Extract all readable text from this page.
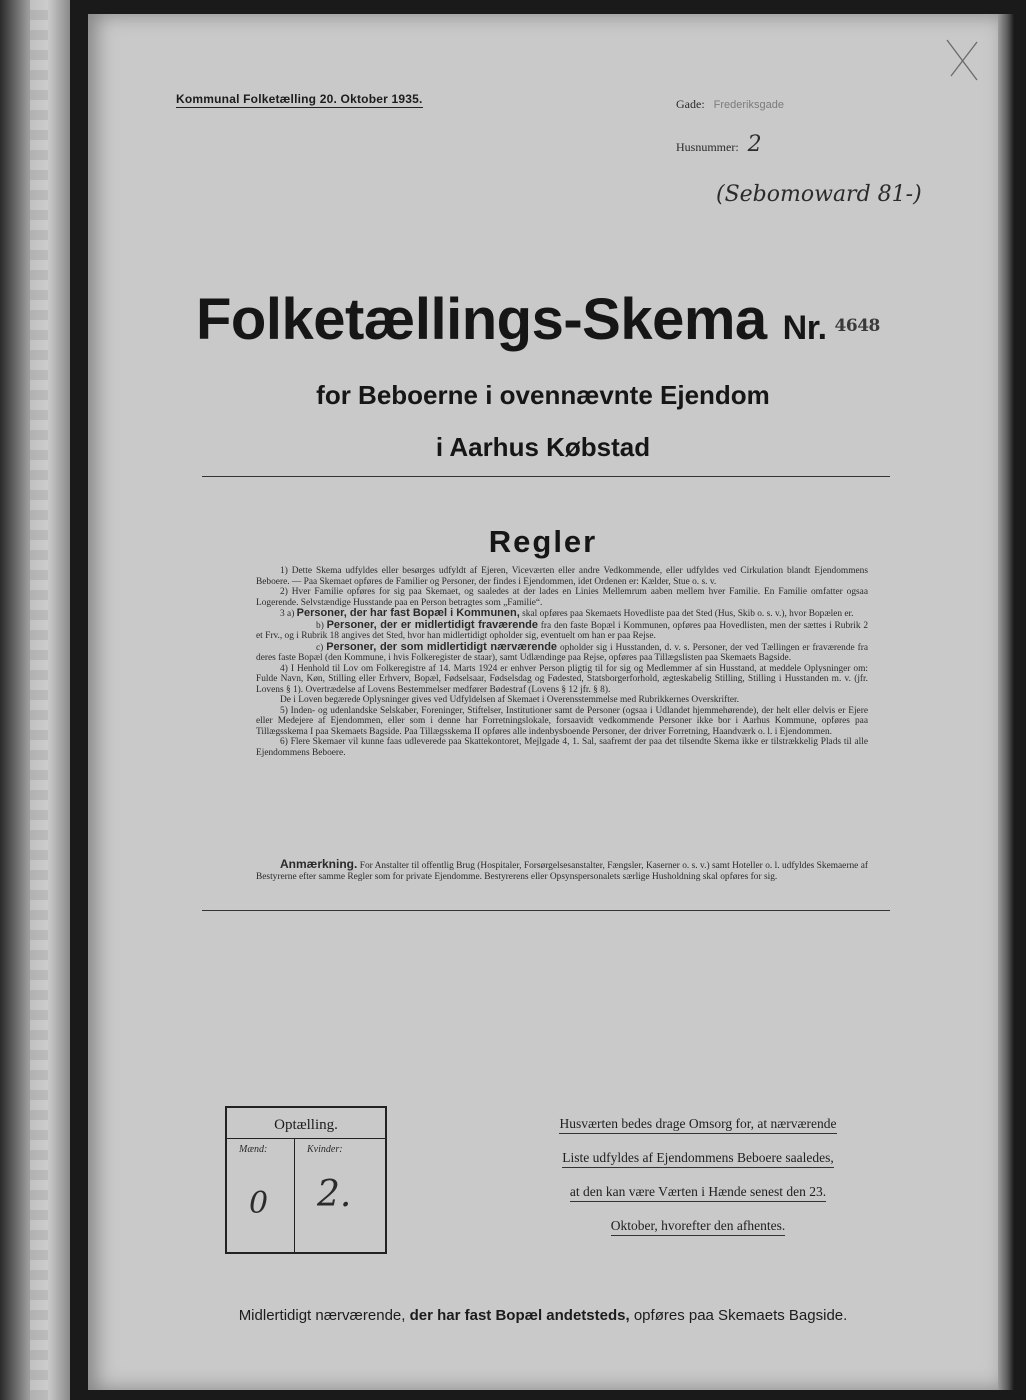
Kommunal Folketælling 20. Oktober 1935.	Gade: Frederiksgade
Husnummer: 2
(Sebomoward 81-)
Folketællings-Skema Nr. 4648
for Beboerne i ovennævnte Ejendom
i Aarhus Købstad
Regler

1) Dette Skema udfyldes eller besørges udfyldt af Ejeren, Viceværten eller andre Vedkommende, eller udfyldes ved Cirkulation blandt Ejendommens Beboere. — Paa Skemaet opføres de Familier og Personer, der findes i Ejendommen, idet Ordenen er: Kælder, Stue o. s. v.

2) Hver Familie opføres for sig paa Skemaet, og saaledes at der lades en Linies Mellemrum aaben mellem hver Familie. En Familie omfatter ogsaa Logerende. Selvstændige Husstande paa en Person betragtes som „Familie“.

3 a) Personer, der har fast Bopæl i Kommunen, skal opføres paa Skemaets Hovedliste paa det Sted (Hus, Skib o. s. v.), hvor Bopælen er.

b) Personer, der er midlertidigt fraværende fra den faste Bopæl i Kommunen, opføres paa Hovedlisten, men der sættes i Rubrik 2 et Frv., og i Rubrik 18 angives det Sted, hvor han midlertidigt opholder sig, eventuelt om han er paa Rejse.

c) Personer, der som midlertidigt nærværende opholder sig i Husstanden, d. v. s. Personer, der ved Tællingen er fraværende fra deres faste Bopæl (den Kommune, i hvis Folkeregister de staar), samt Udlændinge paa Rejse, opføres paa Tillægslisten paa Skemaets Bagside.

4) I Henhold til Lov om Folkeregistre af 14. Marts 1924 er enhver Person pligtig til for sig og Medlemmer af sin Husstand, at meddele Oplysninger om: Fulde Navn, Køn, Stilling eller Erhverv, Bopæl, Fødselsaar, Fødselsdag og Fødested, Statsborgerforhold, ægteskabelig Stilling, Stilling i Husstanden m. v. (jfr. Lovens § 1). Overtrædelse af Lovens Bestemmelser medfører Bødestraf (Lovens § 12 jfr. § 8).

De i Loven begærede Oplysninger gives ved Udfyldelsen af Skemaet i Overensstemmelse med Rubrikkernes Overskrifter.

5) Inden- og udenlandske Selskaber, Foreninger, Stiftelser, Institutioner samt de Personer (ogsaa i Udlandet hjemmehørende), der helt eller delvis er Ejere eller Medejere af Ejendommen, eller som i denne har Forretningslokale, forsaavidt vedkommende Personer ikke bor i Aarhus Kommune, opføres paa Tillægsskema I paa Skemaets Bagside. Paa Tillægsskema II opføres alle indenbysboende Personer, der driver Forretning, Haandværk o. l. i Ejendommen.

6) Flere Skemaer vil kunne faas udleverede paa Skattekontoret, Mejlgade 4, 1. Sal, saafremt der paa det tilsendte Skema ikke er tilstrækkelig Plads til alle Ejendommens Beboere.

Anmærkning. For Anstalter til offentlig Brug (Hospitaler, Forsørgelsesanstalter, Fængsler, Kaserner o. s. v.) samt Hoteller o. l. udfyldes Skemaerne af Bestyrerne efter samme Regler som for private Ejendomme. Bestyrerens eller Opsynspersonalets særlige Husholdning skal opføres for sig.
Optælling.
Mænd:	Kvinder:
0 2.
Husværten bedes drage Omsorg for, at nærværende
Liste udfyldes af Ejendommens Beboere saaledes,
at den kan være Værten i Hænde senest den 23.
Oktober, hvorefter den afhentes.
Midlertidigt nærværende, der har fast Bopæl andetsteds, opføres paa Skemaets Bagside.
